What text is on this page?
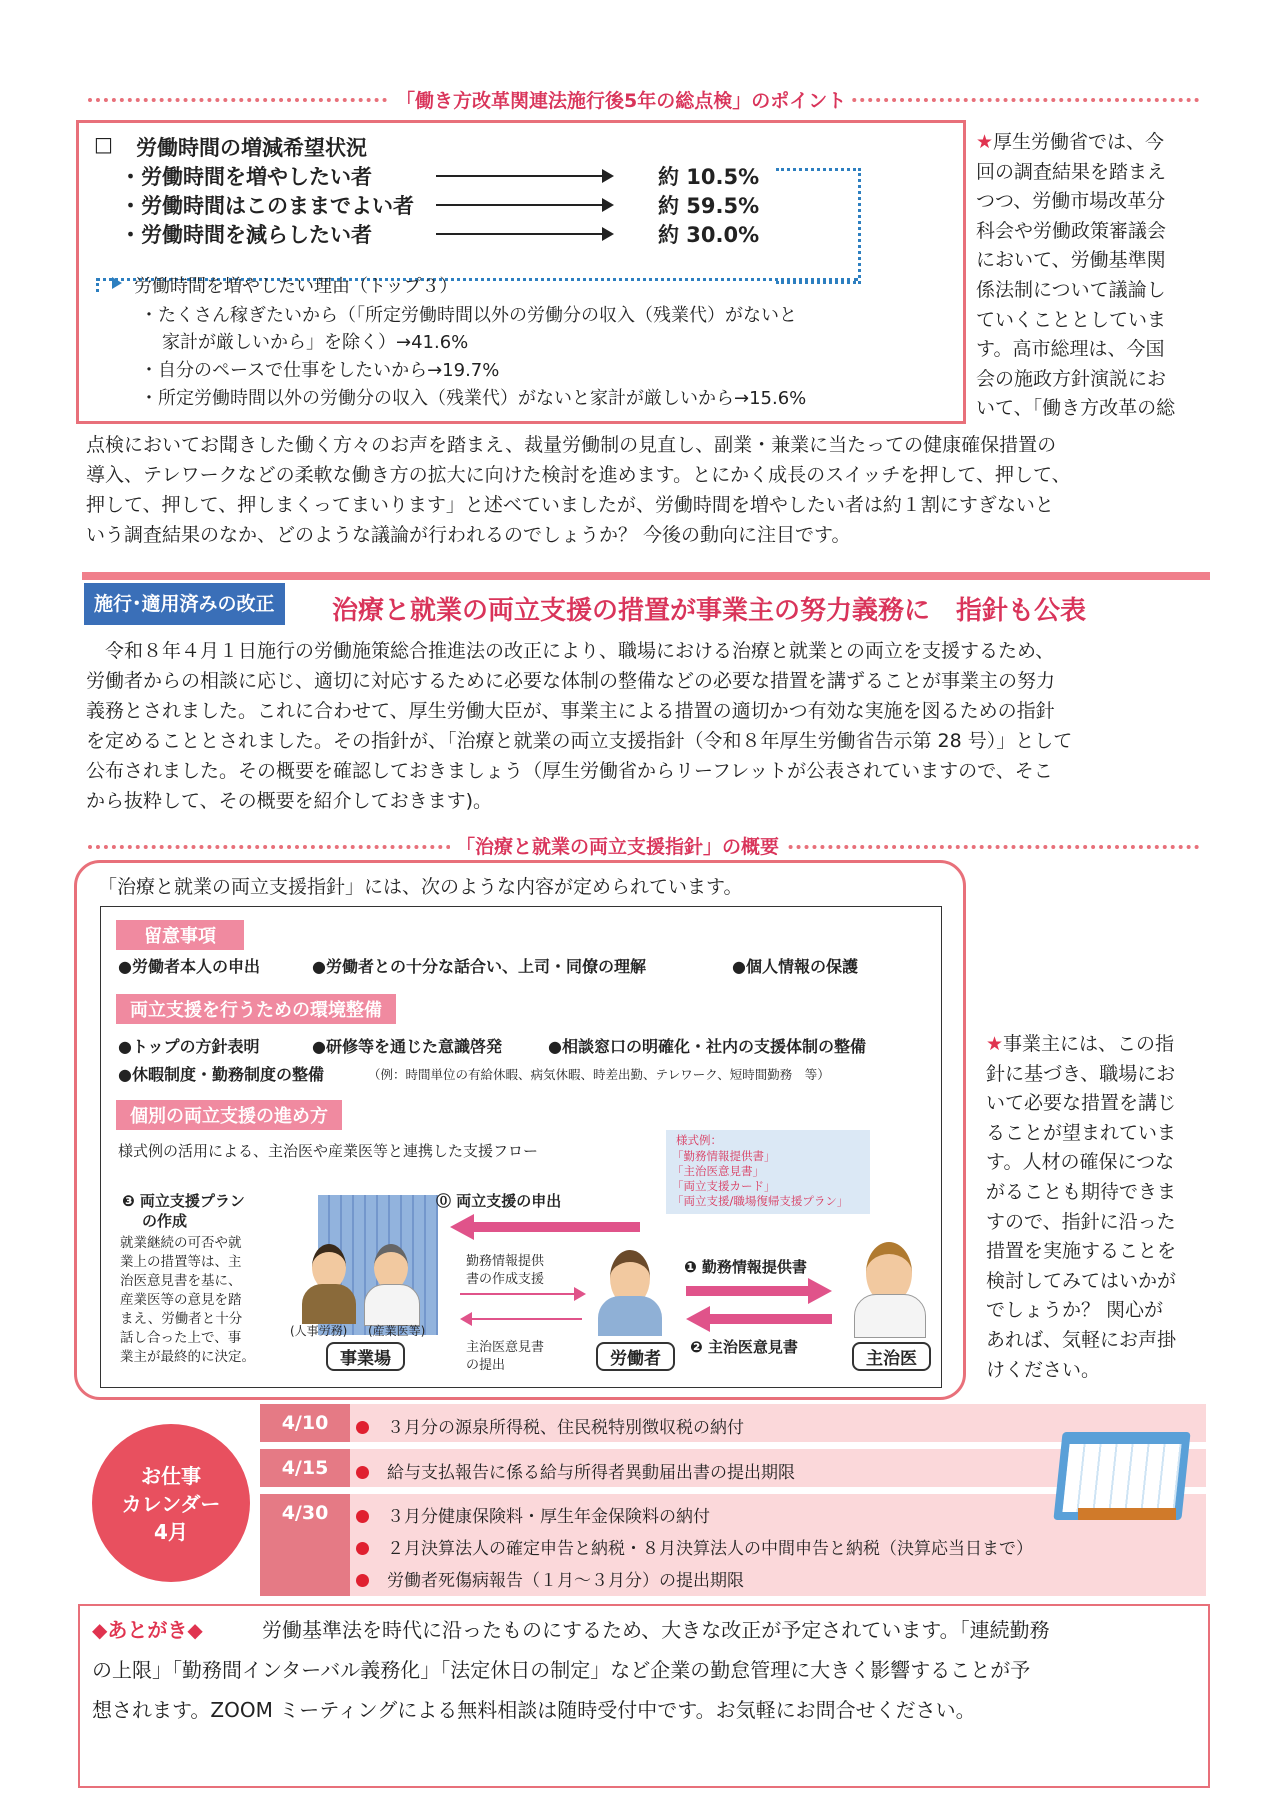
「働き方改革関連法施行後5年の総点検」のポイント
□ 労働時間の増減希望状況
・労働時間を増やしたい者	約 10.5%
・労働時間はこのままでよい者	約 59.5%
・労働時間を減らしたい者	約 30.0%
労働時間を増やしたい理由（トップ３）
・たくさん稼ぎたいから（「所定労働時間以外の労働分の収入（残業代）がないと
家計が厳しいから」を除く）→41.6%
・自分のペースで仕事をしたいから→19.7%
・所定労働時間以外の労働分の収入（残業代）がないと家計が厳しいから→15.6%
★厚生労働省では、今
回の調査結果を踏まえ
つつ、労働市場改革分
科会や労働政策審議会
において、労働基準関
係法制について議論し
ていくこととしていま
す。高市総理は、今国
会の施政方針演説にお
いて、「働き方改革の総
点検においてお聞きした働く方々のお声を踏まえ、裁量労働制の見直し、副業・兼業に当たっての健康確保措置の
導入、テレワークなどの柔軟な働き方の拡大に向けた検討を進めます。とにかく成長のスイッチを押して、押して、
押して、押して、押しまくってまいります」と述べていましたが、労働時間を増やしたい者は約１割にすぎないと
いう調査結果のなか、どのような議論が行われるのでしょうか？ 今後の動向に注目です。
施行･適用済みの改正	治療と就業の両立支援の措置が事業主の努力義務に　指針も公表
　令和８年４月１日施行の労働施策総合推進法の改正により、職場における治療と就業との両立を支援するため、
労働者からの相談に応じ、適切に対応するために必要な体制の整備などの必要な措置を講ずることが事業主の努力
義務とされました。これに合わせて、厚生労働大臣が、事業主による措置の適切かつ有効な実施を図るための指針
を定めることとされました。その指針が、「治療と就業の両立支援指針（令和８年厚生労働省告示第 28 号）」として
公布されました。その概要を確認しておきましょう（厚生労働省からリーフレットが公表されていますので、そこ
から抜粋して、その概要を紹介しておきます)。
「治療と就業の両立支援指針」の概要
「治療と就業の両立支援指針」には、次のような内容が定められています。
留意事項
●労働者本人の申出	●労働者との十分な話合い、上司・同僚の理解	●個人情報の保護
両立支援を行うための環境整備
●トップの方針表明	●研修等を通じた意識啓発	●相談窓口の明確化・社内の支援体制の整備
●休暇制度・勤務制度の整備	（例：時間単位の有給休暇、病気休暇、時差出勤、テレワーク、短時間勤務　等）
個別の両立支援の進め方
様式例の活用による、主治医や産業医等と連携した支援フロー
様式例：
「勤務情報提供書」
「主治医意見書」
「両立支援カード」
「両立支援/職場復帰支援プラン」
❸ 両立支援プラン
の作成
就業継続の可否や就
業上の措置等は、主
治医意見書を基に、
産業医等の意見を踏
まえ、労働者と十分
話し合った上で、事
業主が最終的に決定。
(人事労務) (産業医等)
事業場
⓪ 両立支援の申出
勤務情報提供
書の作成支援
主治医意見書
の提出	労働者
❶ 勤務情報提供書
❷ 主治医意見書
主治医
★事業主には、この指
針に基づき、職場にお
いて必要な措置を講じ
ることが望まれていま
す。人材の確保につな
がることも期待できま
すので、指針に沿った
措置を実施することを
検討してみてはいかが
でしょうか？ 関心が
あれば、気軽にお声掛
けください。
4/10	３月分の源泉所得税、住民税特別徴収税の納付
4/15	給与支払報告に係る給与所得者異動届出書の提出期限
4/30	３月分健康保険料・厚生年金保険料の納付
２月決算法人の確定申告と納税・８月決算法人の中間申告と納税（決算応当日まで）
労働者死傷病報告（１月～３月分）の提出期限
お仕事
カレンダー
4月
◆あとがき◆	労働基準法を時代に沿ったものにするため、大きな改正が予定されています。「連続勤務
の上限」「勤務間インターバル義務化」「法定休日の制定」など企業の勤怠管理に大きく影響することが予
想されます。ZOOM ミーティングによる無料相談は随時受付中です。お気軽にお問合せください。
